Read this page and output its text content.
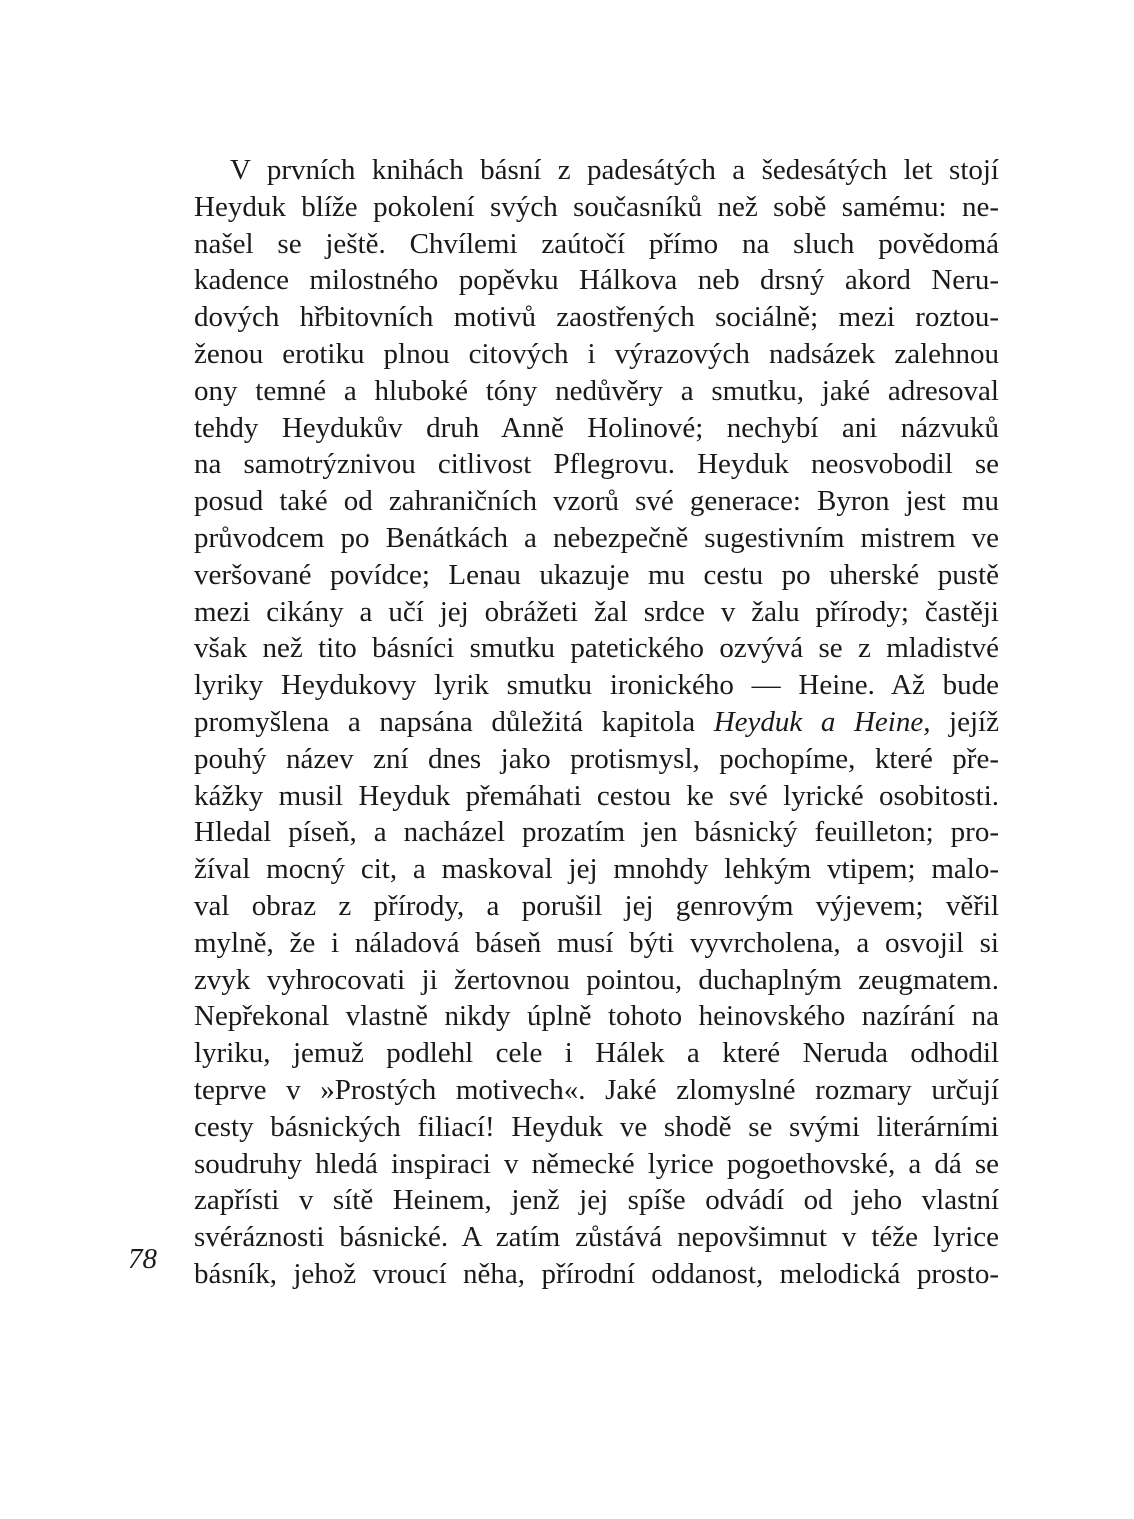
V prvních knihách básní z padesátých a šedesátých let stojí
Heyduk blíže pokolení svých současníků než sobě samému: ne-
našel se ještě. Chvílemi zaútočí přímo na sluch povědomá
kadence milostného popěvku Hálkova neb drsný akord Neru-
dových hřbitovních motivů zaostřených sociálně; mezi roztou-
ženou erotiku plnou citových i výrazových nadsázek zalehnou
ony temné a hluboké tóny nedůvěry a smutku, jaké adresoval
tehdy Heydukův druh Anně Holinové; nechybí ani názvuků
na samotrýznivou citlivost Pflegrovu. Heyduk neosvobodil se
posud také od zahraničních vzorů své generace: Byron jest mu
průvodcem po Benátkách a nebezpečně sugestivním mistrem ve
veršované povídce; Lenau ukazuje mu cestu po uherské pustě
mezi cikány a učí jej obrážeti žal srdce v žalu přírody; častěji
však než tito básníci smutku patetického ozvývá se z mladistvé
lyriky Heydukovy lyrik smutku ironického — Heine. Až bude
promyšlena a napsána důležitá kapitola Heyduk a Heine, jejíž
pouhý název zní dnes jako protismysl, pochopíme, které pře-
kážky musil Heyduk přemáhati cestou ke své lyrické osobitosti.
Hledal píseň, a nacházel prozatím jen básnický feuilleton; pro-
žíval mocný cit, a maskoval jej mnohdy lehkým vtipem; malo-
val obraz z přírody, a porušil jej genrovým výjevem; věřil
mylně, že i náladová báseň musí býti vyvrcholena, a osvojil si
zvyk vyhrocovati ji žertovnou pointou, duchaplným zeugmatem.
Nepřekonal vlastně nikdy úplně tohoto heinovského nazírání na
lyriku, jemuž podlehl cele i Hálek a které Neruda odhodil
teprve v »Prostých motivech«. Jaké zlomyslné rozmary určují
cesty básnických filiací! Heyduk ve shodě se svými literárními
soudruhy hledá inspiraci v německé lyrice pogoethovské, a dá se
zapřísti v sítě Heinem, jenž jej spíše odvádí od jeho vlastní
svéráznosti básnické. A zatím zůstává nepovšimnut v téže lyrice
básník, jehož vroucí něha, přírodní oddanost, melodická prosto-
78
